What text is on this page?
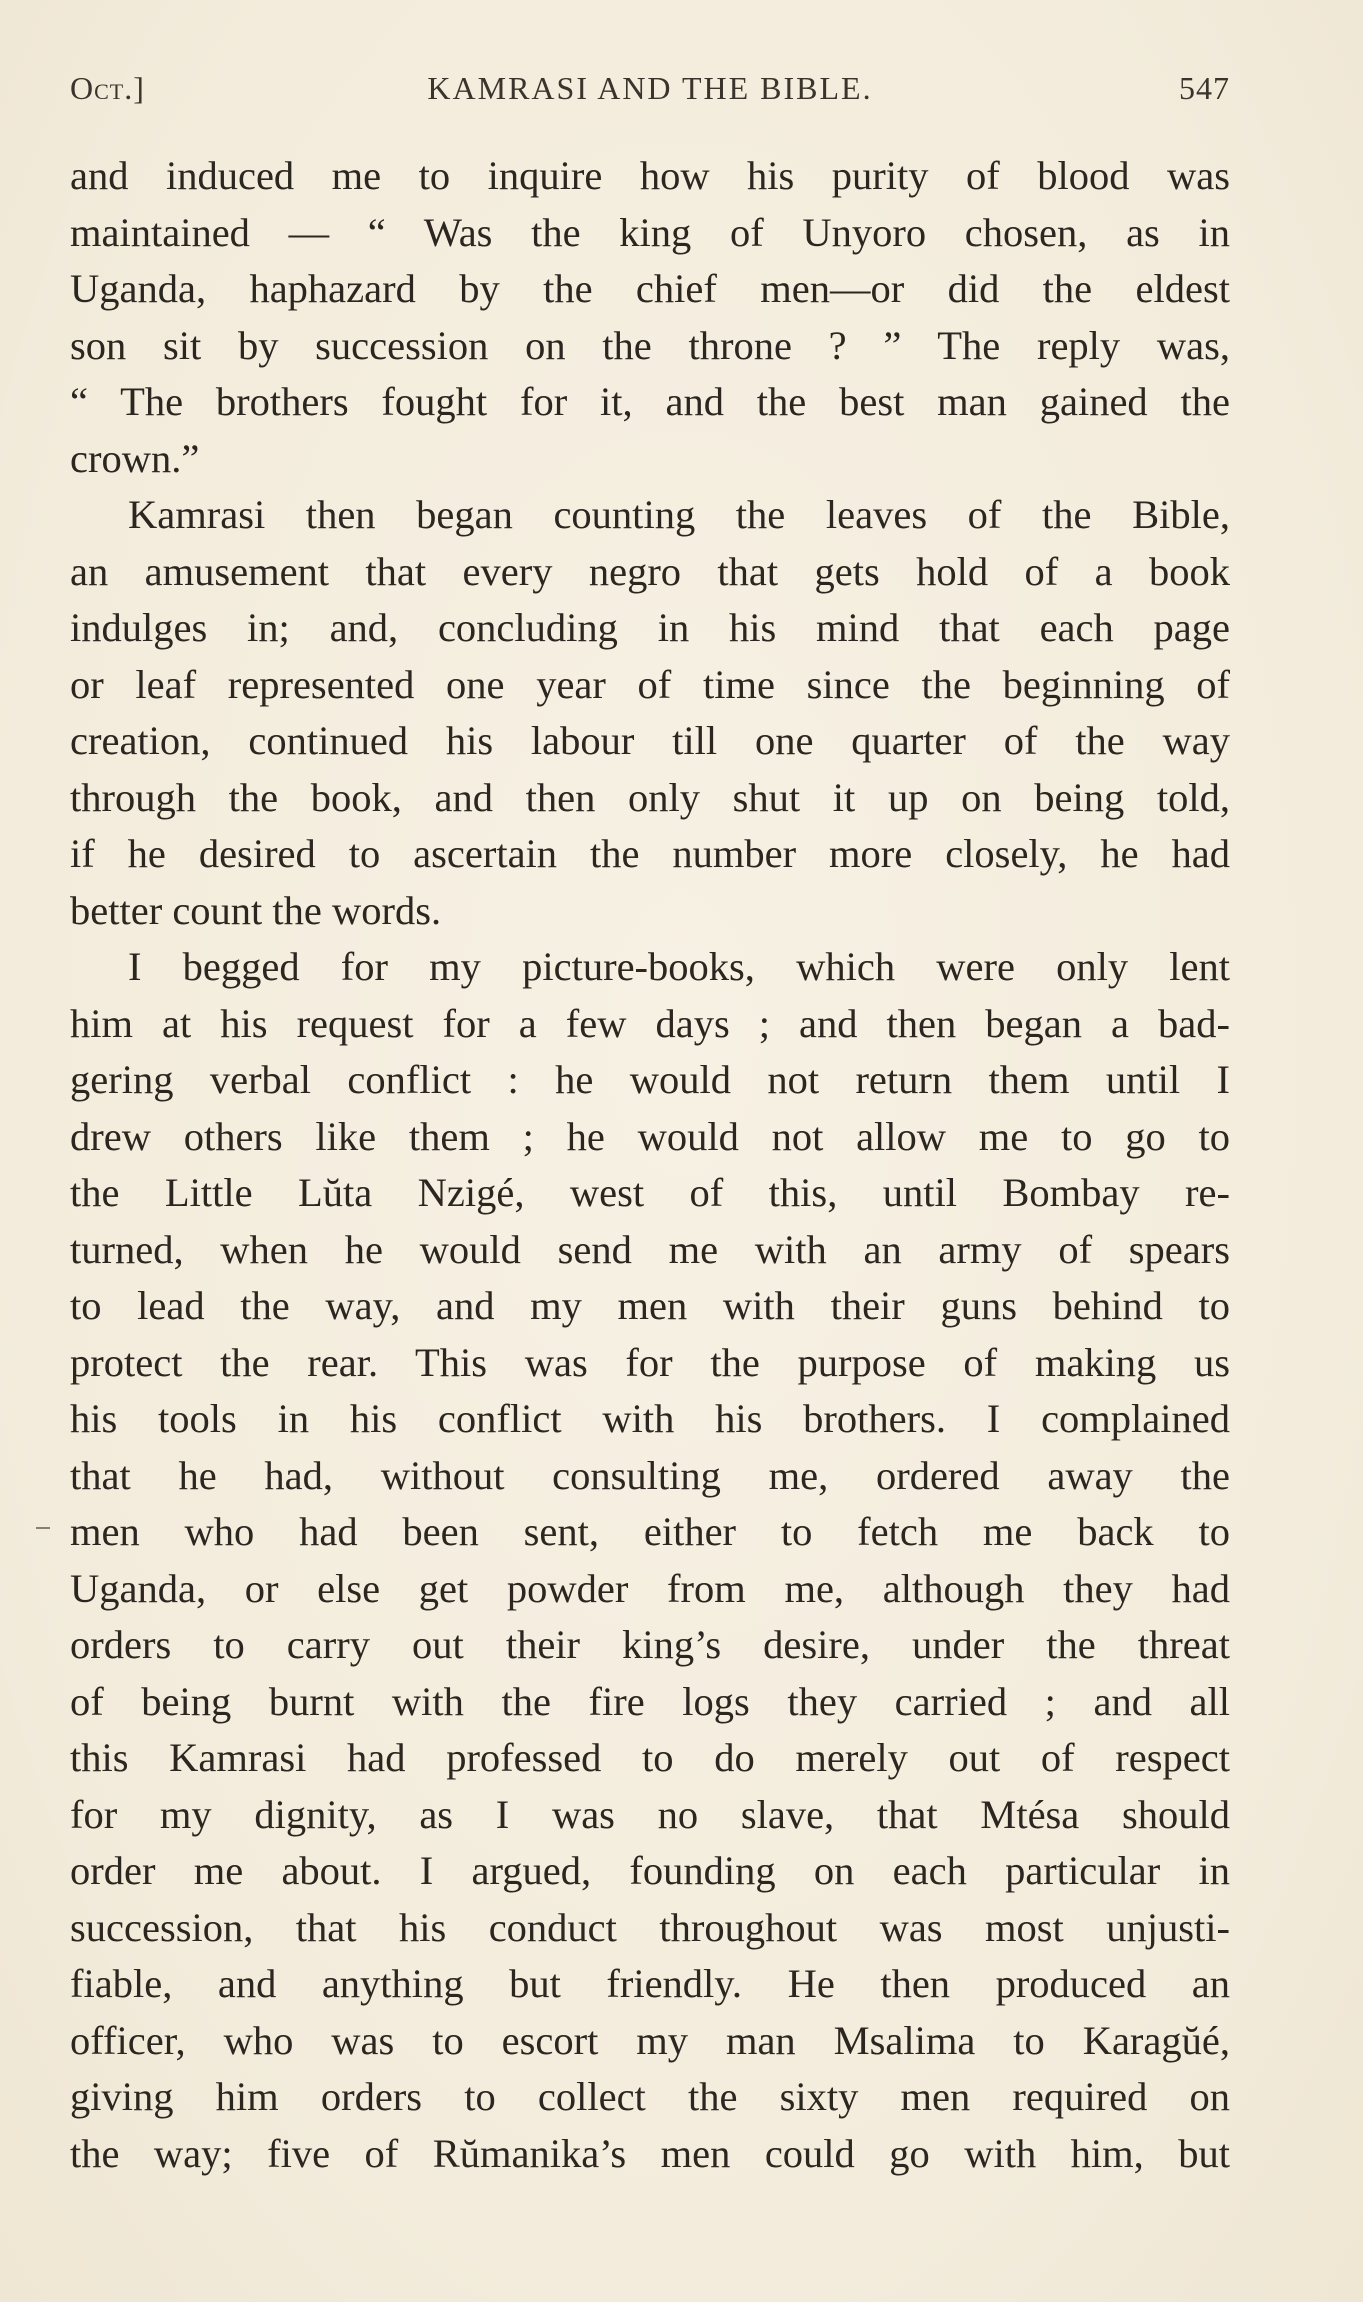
Oct.]	KAMRASI AND THE BIBLE.	547
and induced me to inquire how his purity of blood was
maintained — “ Was the king of Unyoro chosen, as in
Uganda, haphazard by the chief men—or did the eldest
son sit by succession on the throne ? ” The reply was,
“ The brothers fought for it, and the best man gained the
crown.”
Kamrasi then began counting the leaves of the Bible,
an amusement that every negro that gets hold of a book
indulges in; and, concluding in his mind that each page
or leaf represented one year of time since the beginning of
creation, continued his labour till one quarter of the way
through the book, and then only shut it up on being told,
if he desired to ascertain the number more closely, he had
better count the words.
I begged for my picture-books, which were only lent
him at his request for a few days ; and then began a bad-
gering verbal conflict : he would not return them until I
drew others like them ; he would not allow me to go to
the Little Lŭta Nzigé, west of this, until Bombay re-
turned, when he would send me with an army of spears
to lead the way, and my men with their guns behind to
protect the rear. This was for the purpose of making us
his tools in his conflict with his brothers. I complained
that he had, without consulting me, ordered away the
men who had been sent, either to fetch me back to
Uganda, or else get powder from me, although they had
orders to carry out their king’s desire, under the threat
of being burnt with the fire logs they carried ; and all
this Kamrasi had professed to do merely out of respect
for my dignity, as I was no slave, that Mtésa should
order me about. I argued, founding on each particular in
succession, that his conduct throughout was most unjusti-
fiable, and anything but friendly. He then produced an
officer, who was to escort my man Msalima to Karagŭé,
giving him orders to collect the sixty men required on
the way; five of Rŭmanika’s men could go with him, but
